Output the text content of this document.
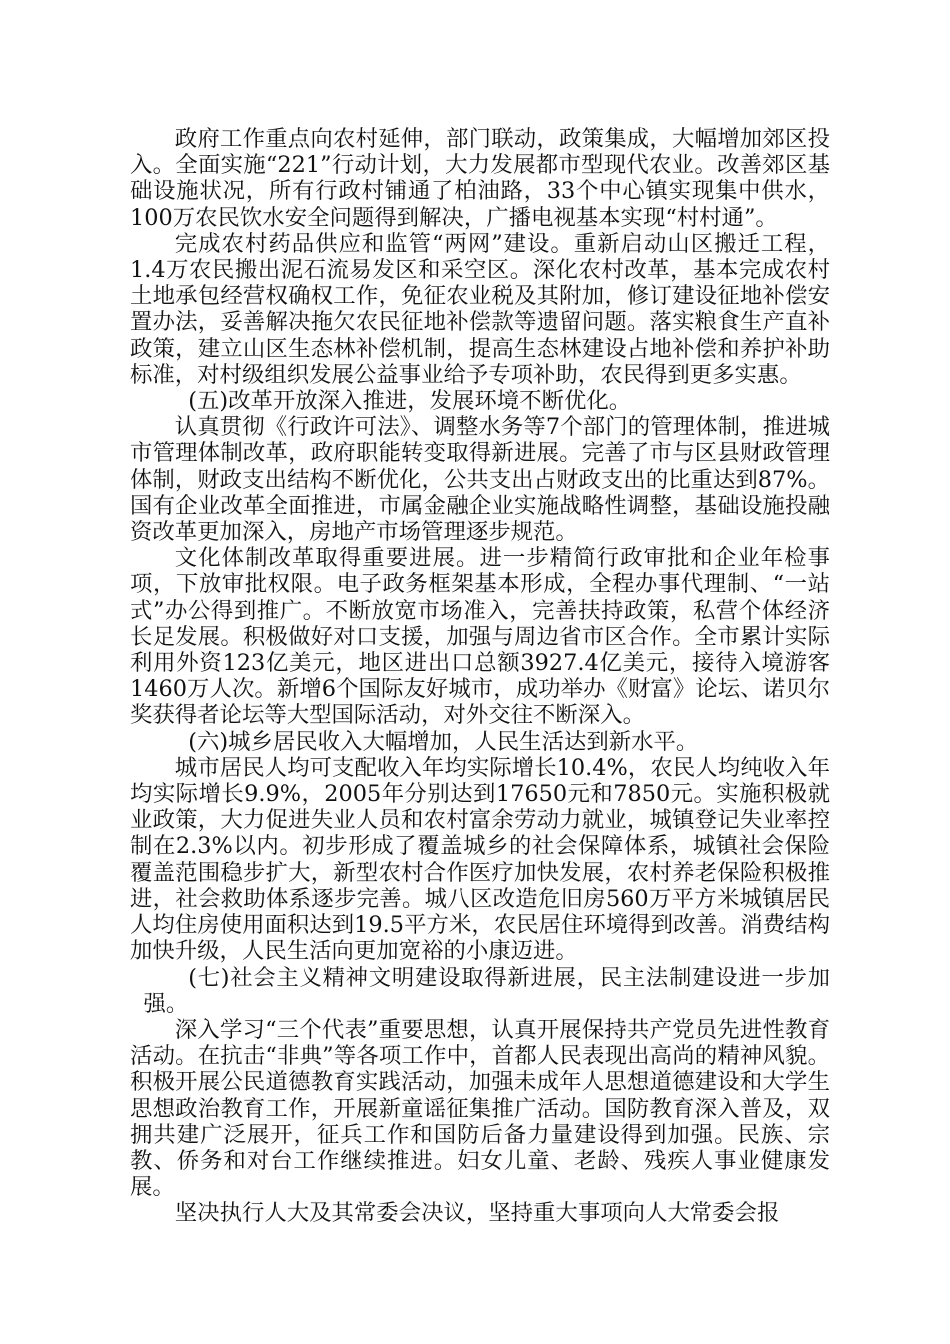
政府工作重点向农村延伸，部门联动，政策集成，大幅增加郊区投入。全面实施“221”行动计划，大力发展都市型现代农业。改善郊区基础设施状况，所有行政村铺通了柏油路，33个中心镇实现集中供水，100万农民饮水安全问题得到解决，广播电视基本实现“村村通”。

完成农村药品供应和监管“两网”建设。重新启动山区搬迁工程，1.4万农民搬出泥石流易发区和采空区。深化农村改革，基本完成农村土地承包经营权确权工作，免征农业税及其附加，修订建设征地补偿安置办法，妥善解决拖欠农民征地补偿款等遗留问题。落实粮食生产直补政策，建立山区生态林补偿机制，提高生态林建设占地补偿和养护补助标准，对村级组织发展公益事业给予专项补助，农民得到更多实惠。

(五)改革开放深入推进，发展环境不断优化。

认真贯彻《行政许可法》、调整水务等7个部门的管理体制，推进城市管理体制改革，政府职能转变取得新进展。完善了市与区县财政管理体制，财政支出结构不断优化，公共支出占财政支出的比重达到87%。国有企业改革全面推进，市属金融企业实施战略性调整，基础设施投融资改革更加深入，房地产市场管理逐步规范。

文化体制改革取得重要进展。进一步精简行政审批和企业年检事项，下放审批权限。电子政务框架基本形成，全程办事代理制、“一站式”办公得到推广。不断放宽市场准入，完善扶持政策，私营个体经济长足发展。积极做好对口支援，加强与周边省市区合作。全市累计实际利用外资123亿美元，地区进出口总额3927.4亿美元，接待入境游客1460万人次。新增6个国际友好城市，成功举办《财富》论坛、诺贝尔奖获得者论坛等大型国际活动，对外交往不断深入。

(六)城乡居民收入大幅增加，人民生活达到新水平。

城市居民人均可支配收入年均实际增长10.4%，农民人均纯收入年均实际增长9.9%，2005年分别达到17650元和7850元。实施积极就业政策，大力促进失业人员和农村富余劳动力就业，城镇登记失业率控制在2.3%以内。初步形成了覆盖城乡的社会保障体系，城镇社会保险覆盖范围稳步扩大，新型农村合作医疗加快发展，农村养老保险积极推进，社会救助体系逐步完善。城八区改造危旧房560万平方米城镇居民人均住房使用面积达到19.5平方米，农民居住环境得到改善。消费结构加快升级，人民生活向更加宽裕的小康迈进。

(七)社会主义精神文明建设取得新进展，民主法制建设进一步加强。

深入学习“三个代表”重要思想，认真开展保持共产党员先进性教育活动。在抗击“非典”等各项工作中，首都人民表现出高尚的精神风貌。积极开展公民道德教育实践活动，加强未成年人思想道德建设和大学生思想政治教育工作，开展新童谣征集推广活动。国防教育深入普及，双拥共建广泛展开，征兵工作和国防后备力量建设得到加强。民族、宗教、侨务和对台工作继续推进。妇女儿童、老龄、残疾人事业健康发展。

坚决执行人大及其常委会决议，坚持重大事项向人大常委会报
